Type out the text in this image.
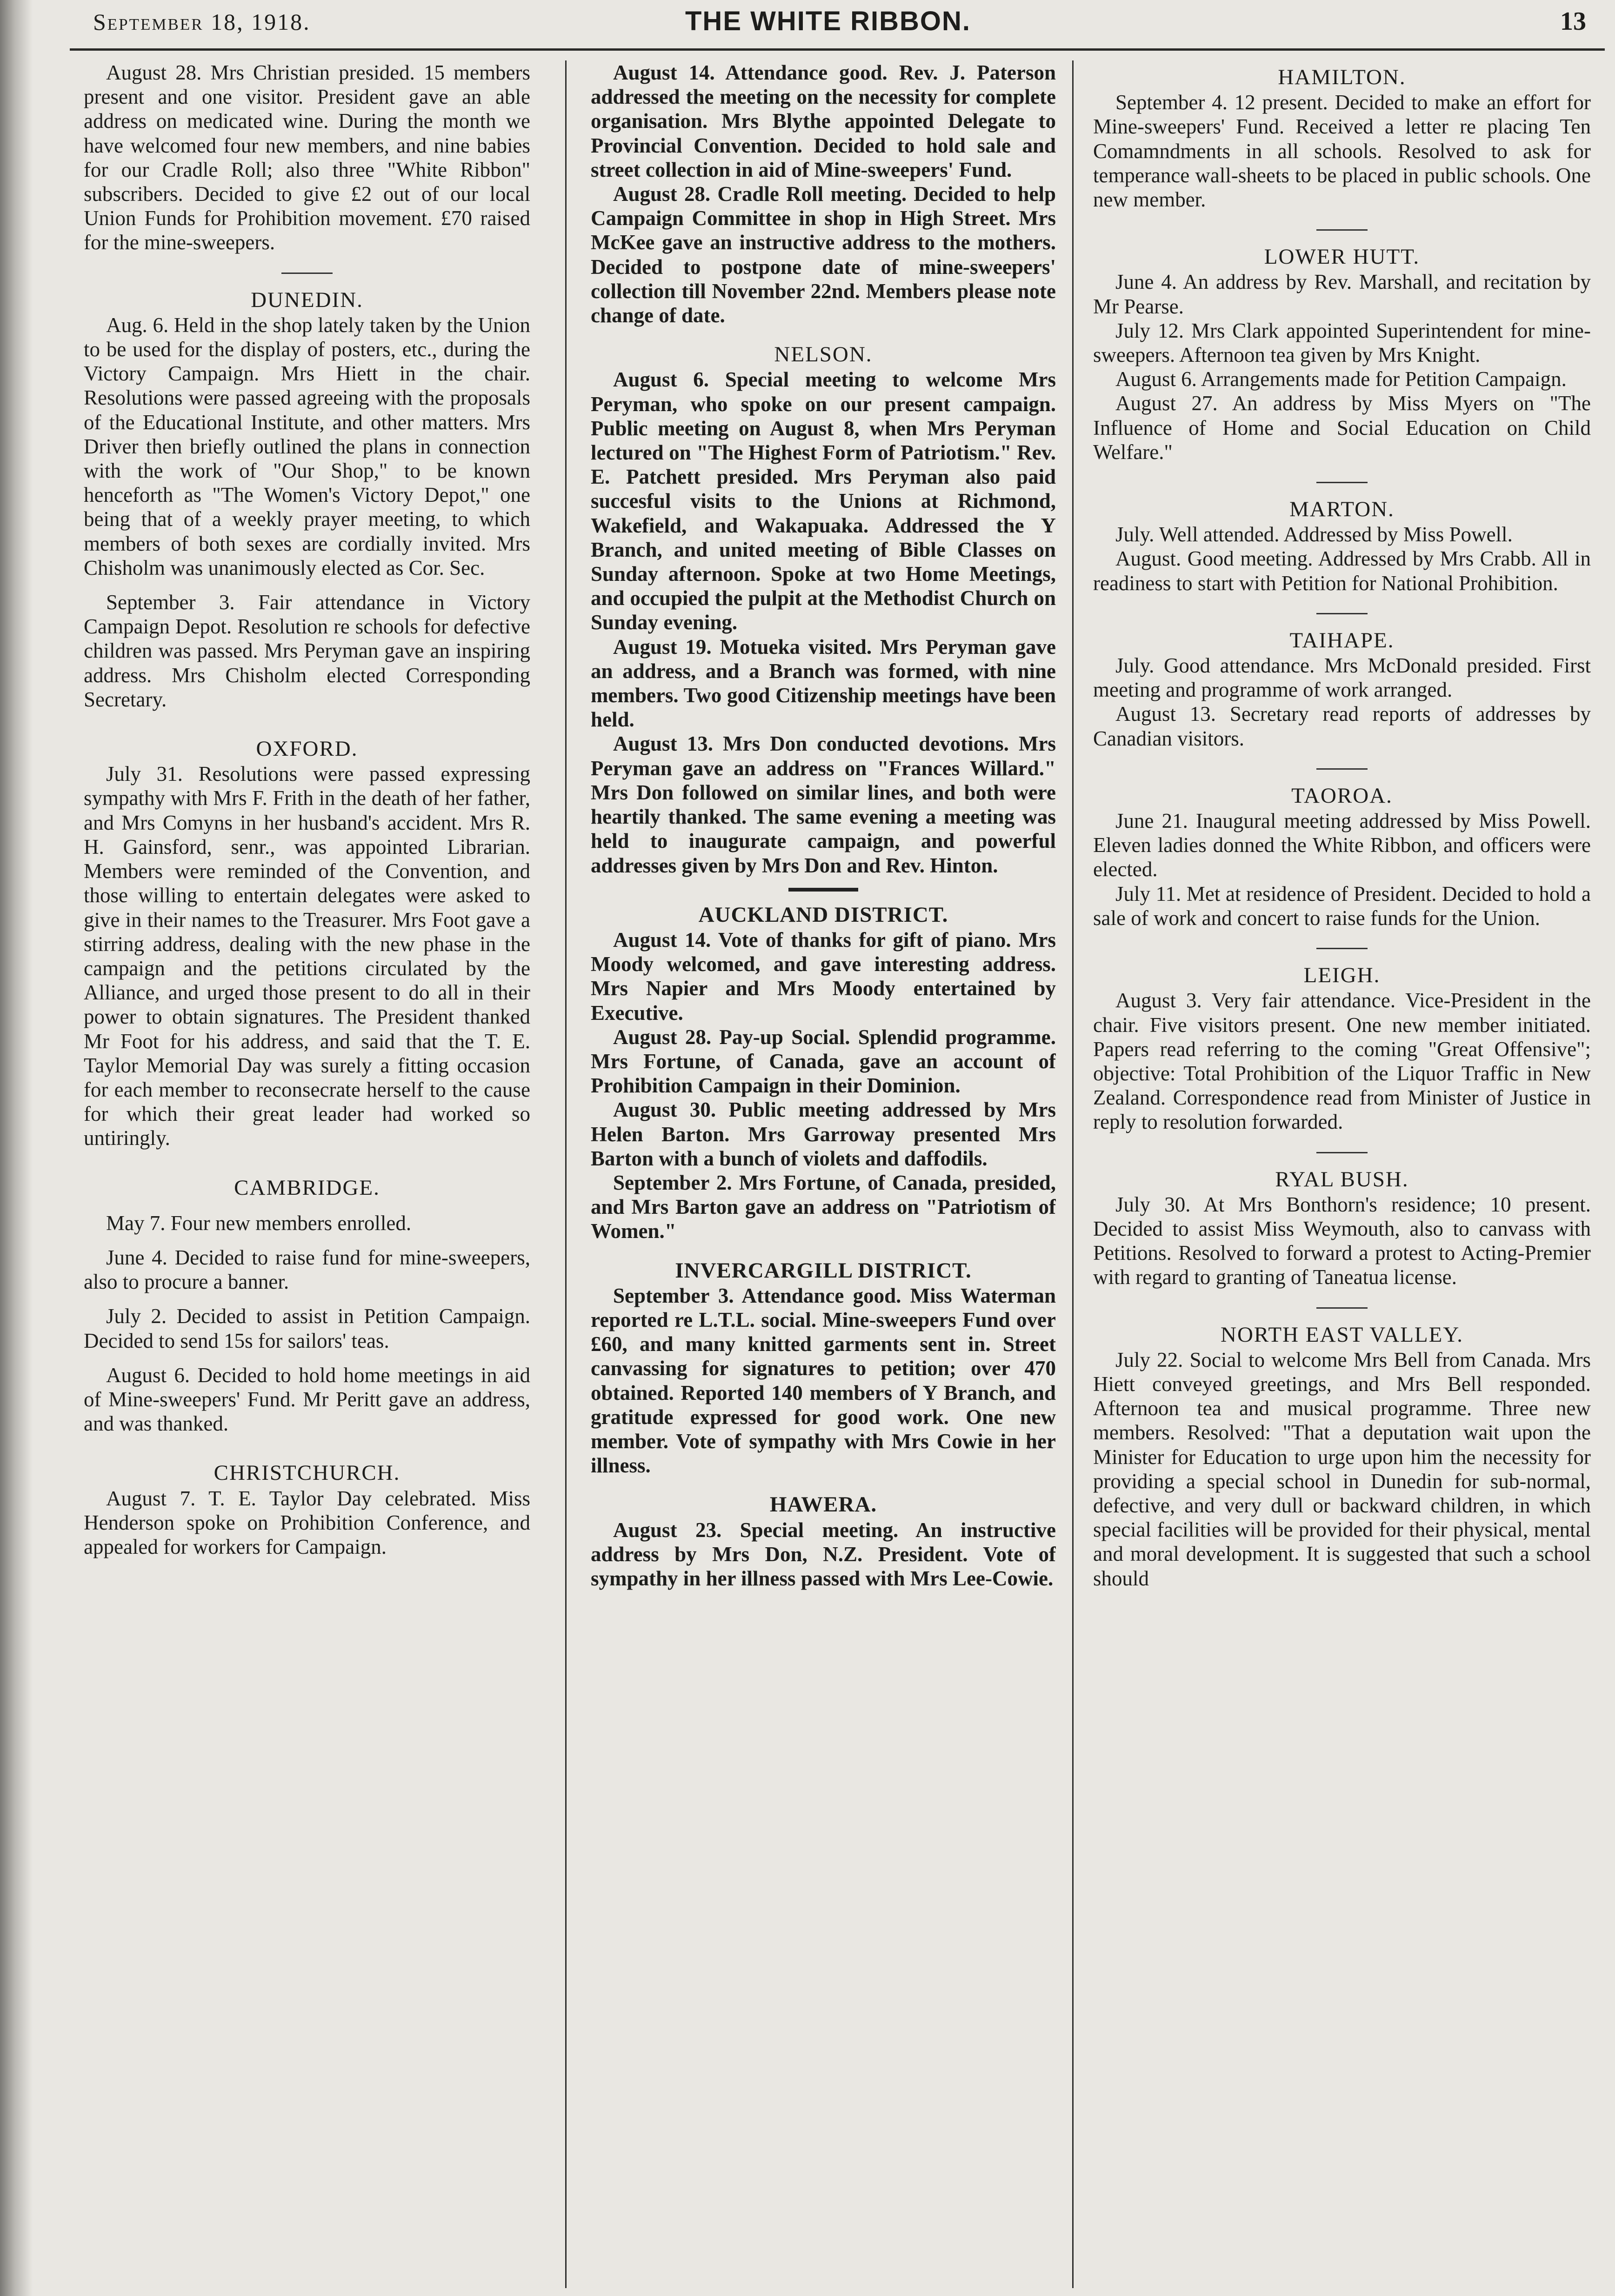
September 18, 1918.	THE WHITE RIBBON.	13

August 28. Mrs Christian presided. 15 members present and one visitor. President gave an able address on medicated wine. During the month we have welcomed four new members, and nine babies for our Cradle Roll; also three "White Ribbon" subscribers. Decided to give £2 out of our local Union Funds for Prohibition movement. £70 raised for the mine-sweepers.

DUNEDIN.

Aug. 6. Held in the shop lately taken by the Union to be used for the display of posters, etc., during the Victory Campaign. Mrs Hiett in the chair. Resolutions were passed agreeing with the proposals of the Educational Institute, and other matters. Mrs Driver then briefly outlined the plans in connection with the work of "Our Shop," to be known henceforth as "The Women's Victory Depot," one being that of a weekly prayer meeting, to which members of both sexes are cordially invited. Mrs Chisholm was unanimously elected as Cor. Sec.

September 3. Fair attendance in Victory Campaign Depot. Resolution re schools for defective children was passed. Mrs Peryman gave an inspiring address. Mrs Chisholm elected Corresponding Secretary.

OXFORD.

July 31. Resolutions were passed expressing sympathy with Mrs F. Frith in the death of her father, and Mrs Comyns in her husband's accident. Mrs R. H. Gainsford, senr., was appointed Librarian. Members were reminded of the Convention, and those willing to entertain delegates were asked to give in their names to the Treasurer. Mrs Foot gave a stirring address, dealing with the new phase in the campaign and the petitions circulated by the Alliance, and urged those present to do all in their power to obtain signatures. The President thanked Mr Foot for his address, and said that the T. E. Taylor Memorial Day was surely a fitting occasion for each member to reconsecrate herself to the cause for which their great leader had worked so untiringly.

CAMBRIDGE.

May 7. Four new members enrolled.

June 4. Decided to raise fund for mine-sweepers, also to procure a banner.

July 2. Decided to assist in Petition Campaign. Decided to send 15s for sailors' teas.

August 6. Decided to hold home meetings in aid of Mine-sweepers' Fund. Mr Peritt gave an address, and was thanked.

CHRISTCHURCH.

August 7. T. E. Taylor Day celebrated. Miss Henderson spoke on Prohibition Conference, and appealed for workers for Campaign.

August 14. Attendance good. Rev. J. Paterson addressed the meeting on the necessity for complete organisation. Mrs Blythe appointed Delegate to Provincial Convention. Decided to hold sale and street collection in aid of Mine-sweepers' Fund.

August 28. Cradle Roll meeting. Decided to help Campaign Committee in shop in High Street. Mrs McKee gave an instructive address to the mothers. Decided to postpone date of mine-sweepers' collection till November 22nd. Members please note change of date.

NELSON.

August 6. Special meeting to welcome Mrs Peryman, who spoke on our present campaign. Public meeting on August 8, when Mrs Peryman lectured on "The Highest Form of Patriotism." Rev. E. Patchett presided. Mrs Peryman also paid succesful visits to the Unions at Richmond, Wakefield, and Wakapuaka. Addressed the Y Branch, and united meeting of Bible Classes on Sunday afternoon. Spoke at two Home Meetings, and occupied the pulpit at the Methodist Church on Sunday evening.

August 19. Motueka visited. Mrs Peryman gave an address, and a Branch was formed, with nine members. Two good Citizenship meetings have been held.

August 13. Mrs Don conducted devotions. Mrs Peryman gave an address on "Frances Willard." Mrs Don followed on similar lines, and both were heartily thanked. The same evening a meeting was held to inaugurate campaign, and powerful addresses given by Mrs Don and Rev. Hinton.

AUCKLAND DISTRICT.

August 14. Vote of thanks for gift of piano. Mrs Moody welcomed, and gave interesting address. Mrs Napier and Mrs Moody entertained by Executive.

August 28. Pay-up Social. Splendid programme. Mrs Fortune, of Canada, gave an account of Prohibition Campaign in their Dominion.

August 30. Public meeting addressed by Mrs Helen Barton. Mrs Garroway presented Mrs Barton with a bunch of violets and daffodils.

September 2. Mrs Fortune, of Canada, presided, and Mrs Barton gave an address on "Patriotism of Women."

INVERCARGILL DISTRICT.

September 3. Attendance good. Miss Waterman reported re L.T.L. social. Mine-sweepers Fund over £60, and many knitted garments sent in. Street canvassing for signatures to petition; over 470 obtained. Reported 140 members of Y Branch, and gratitude expressed for good work. One new member. Vote of sympathy with Mrs Cowie in her illness.

HAWERA.

August 23. Special meeting. An instructive address by Mrs Don, N.Z. President. Vote of sympathy in her illness passed with Mrs Lee-Cowie.

HAMILTON.

September 4. 12 present. Decided to make an effort for Mine-sweepers' Fund. Received a letter re placing Ten Comamndments in all schools. Resolved to ask for temperance wall-sheets to be placed in public schools. One new member.

LOWER HUTT.

June 4. An address by Rev. Marshall, and recitation by Mr Pearse.

July 12. Mrs Clark appointed Superintendent for mine-sweepers. Afternoon tea given by Mrs Knight.

August 6. Arrangements made for Petition Campaign.

August 27. An address by Miss Myers on "The Influence of Home and Social Education on Child Welfare."

MARTON.

July. Well attended. Addressed by Miss Powell.

August. Good meeting. Addressed by Mrs Crabb. All in readiness to start with Petition for National Prohibition.

TAIHAPE.

July. Good attendance. Mrs McDonald presided. First meeting and programme of work arranged.

August 13. Secretary read reports of addresses by Canadian visitors.

TAOROA.

June 21. Inaugural meeting addressed by Miss Powell. Eleven ladies donned the White Ribbon, and officers were elected.

July 11. Met at residence of President. Decided to hold a sale of work and concert to raise funds for the Union.

LEIGH.

August 3. Very fair attendance. Vice-President in the chair. Five visitors present. One new member initiated. Papers read referring to the coming "Great Offensive"; objective: Total Prohibition of the Liquor Traffic in New Zealand. Correspondence read from Minister of Justice in reply to resolution forwarded.

RYAL BUSH.

July 30. At Mrs Bonthorn's residence; 10 present. Decided to assist Miss Weymouth, also to canvass with Petitions. Resolved to forward a protest to Acting-Premier with regard to granting of Taneatua license.

NORTH EAST VALLEY.

July 22. Social to welcome Mrs Bell from Canada. Mrs Hiett conveyed greetings, and Mrs Bell responded. Afternoon tea and musical programme. Three new members. Resolved: "That a deputation wait upon the Minister for Education to urge upon him the necessity for providing a special school in Dunedin for sub-normal, defective, and very dull or backward children, in which special facilities will be provided for their physical, mental and moral development. It is suggested that such a school should
